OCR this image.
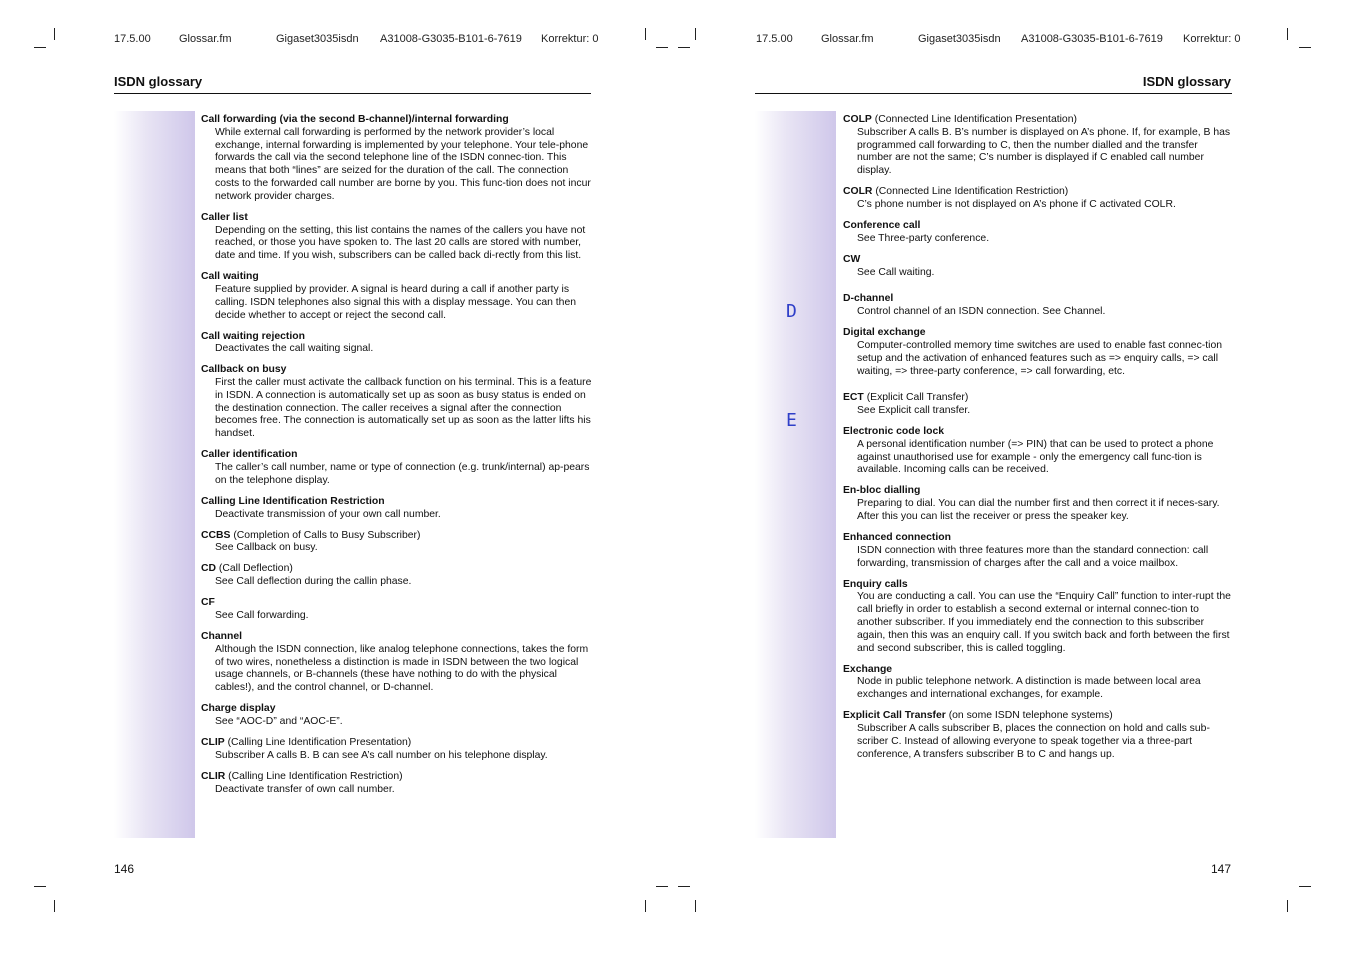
17.5.00	Glossar.fm	Gigaset3035isdn A31008-G3035-B101-6-7619 Korrektur: 0
ISDN glossary
Call forwarding (via the second B-channel)/internal forwarding
While external call forwarding is performed by the network provider’s local exchange, internal forwarding is implemented by your telephone. Your tele-phone forwards the call via the second telephone line of the ISDN connec-tion. This means that both “lines” are seized for the duration of the call. The connection costs to the forwarded call number are borne by you. This func-tion does not incur network provider charges.
Caller list
Depending on the setting, this list contains the names of the callers you have not reached, or those you have spoken to. The last 20 calls are stored with number, date and time. If you wish, subscribers can be called back di-rectly from this list.
Call waiting
Feature supplied by provider. A signal is heard during a call if another party is calling. ISDN telephones also signal this with a display message. You can then decide whether to accept or reject the second call.
Call waiting rejection
Deactivates the call waiting signal.
Callback on busy
First the caller must activate the callback function on his terminal. This is a feature in ISDN. A connection is automatically set up as soon as busy status is ended on the destination connection. The caller receives a signal after the connection becomes free. The connection is automatically set up as soon as the latter lifts his handset.
Caller identification
The caller’s call number, name or type of connection (e.g. trunk/internal) ap-pears on the telephone display.
Calling Line Identification Restriction
Deactivate transmission of your own call number.
CCBS (Completion of Calls to Busy Subscriber)
See Callback on busy.
CD (Call Deflection)
See Call deflection during the callin phase.
CF
See Call forwarding.
Channel
Although the ISDN connection, like analog telephone connections, takes the form of two wires, nonetheless a distinction is made in ISDN between the two logical usage channels, or B-channels (these have nothing to do with the physical cables!), and the control channel, or D-channel.
Charge display
See “AOC-D” and “AOC-E”.
CLIP (Calling Line Identification Presentation)
Subscriber A calls B. B can see A’s call number on his telephone display.
CLIR (Calling Line Identification Restriction)
Deactivate transfer of own call number.
146
17.5.00	Glossar.fm	Gigaset3035isdn A31008-G3035-B101-6-7619 Korrektur: 0
ISDN glossary
D
E
COLP (Connected Line Identification Presentation)
Subscriber A calls B. B’s number is displayed on A’s phone. If, for example, B has programmed call forwarding to C, then the number dialled and the transfer number are not the same; C’s number is displayed if C enabled call number display.
COLR (Connected Line Identification Restriction)
C’s phone number is not displayed on A’s phone if C activated COLR.
Conference call
See Three-party conference.
CW
See Call waiting.
D-channel
Control channel of an ISDN connection. See Channel.
Digital exchange
Computer-controlled memory time switches are used to enable fast connec-tion setup and the activation of enhanced features such as => enquiry calls, => call waiting, => three-party conference, => call forwarding, etc.
ECT (Explicit Call Transfer)
See Explicit call transfer.
Electronic code lock
A personal identification number (=> PIN) that can be used to protect a phone against unauthorised use for example - only the emergency call func-tion is available. Incoming calls can be received.
En-bloc dialling
Preparing to dial. You can dial the number first and then correct it if neces-sary. After this you can list the receiver or press the speaker key.
Enhanced connection
ISDN connection with three features more than the standard connection: call forwarding, transmission of charges after the call and a voice mailbox.
Enquiry calls
You are conducting a call. You can use the “Enquiry Call” function to inter-rupt the call briefly in order to establish a second external or internal connec-tion to another subscriber. If you immediately end the connection to this subscriber again, then this was an enquiry call. If you switch back and forth between the first and second subscriber, this is called toggling.
Exchange
Node in public telephone network. A distinction is made between local area exchanges and international exchanges, for example.
Explicit Call Transfer (on some ISDN telephone systems)
Subscriber A calls subscriber B, places the connection on hold and calls sub-scriber C. Instead of allowing everyone to speak together via a three-part conference, A transfers subscriber B to C and hangs up.
147
